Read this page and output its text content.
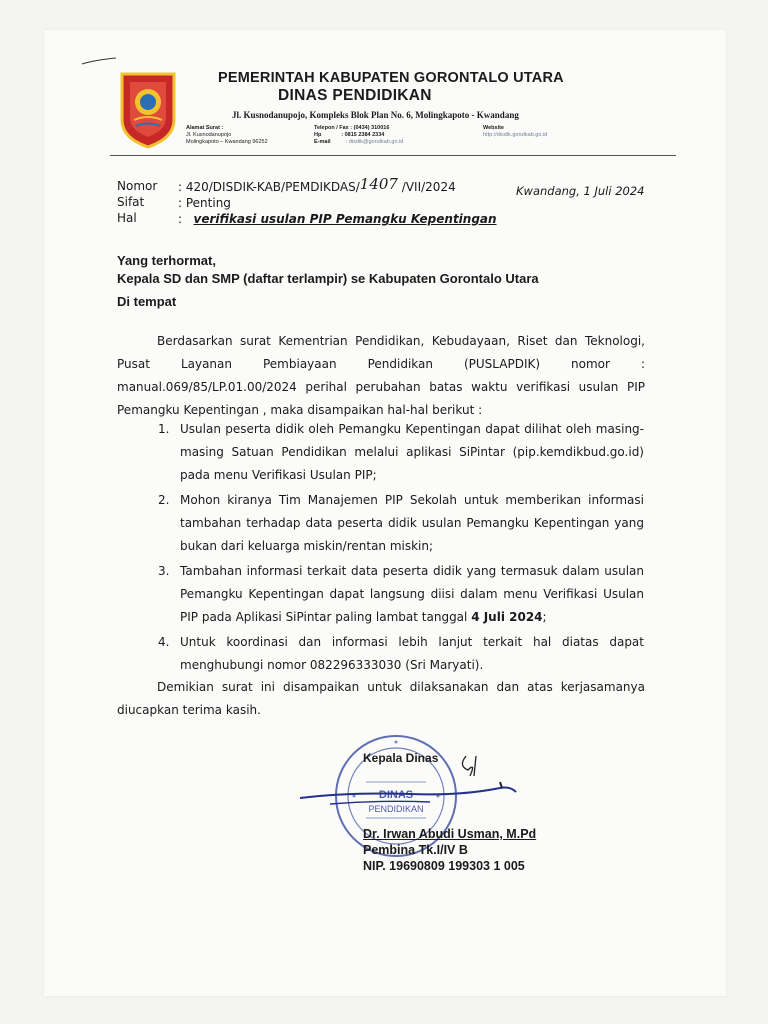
PEMERINTAH KABUPATEN GORONTALO UTARA
DINAS PENDIDIKAN
Jl. Kusnodanupojo, Kompleks Blok Plan No. 6, Molingkapoto - Kwandang
Alamat Surat :
Jl. Kusnodanupojo
Molingkapoto – Kwandang 96252
Telepon / Fax : (0434) 310016
Hp	: 0815 2384 2334
E-mail	: disdik@gorutkab.go.id
Website
http://disdik.gorutkab.go.id
Nomor
Sifat
Hal
: 420/DISDIK-KAB/PEMDIKDAS/1407 /VII/2024
: Penting
: verifikasi usulan PIP Pemangku Kepentingan
Kwandang, 1 Juli 2024
Yang terhormat,
Kepala SD dan SMP (daftar terlampir) se Kabupaten Gorontalo Utara
Di tempat

Berdasarkan surat Kementrian Pendidikan, Kebudayaan, Riset dan Teknologi, Pusat Layanan Pembiayaan Pendidikan (PUSLAPDIK) nomor : manual.069/85/LP.01.00/2024 perihal perubahan batas waktu verifikasi usulan PIP Pemangku Kepentingan , maka disampaikan hal-hal berikut :

1. Usulan peserta didik oleh Pemangku Kepentingan dapat dilihat oleh masing-masing Satuan Pendidikan melalui aplikasi SiPintar (pip.kemdikbud.go.id) pada menu Verifikasi Usulan PIP;
2. Mohon kiranya Tim Manajemen PIP Sekolah untuk memberikan informasi tambahan terhadap data peserta didik usulan Pemangku Kepentingan yang bukan dari keluarga miskin/rentan miskin;
3. Tambahan informasi terkait data peserta didik yang termasuk dalam usulan Pemangku Kepentingan dapat langsung diisi dalam menu Verifikasi Usulan PIP pada Aplikasi SiPintar paling lambat tanggal 4 Juli 2024;
4. Untuk koordinasi dan informasi lebih lanjut terkait hal diatas dapat menghubungi nomor 082296333030 (Sri Maryati).

Demikian surat ini disampaikan untuk dilaksanakan dan atas kerjasamanya diucapkan terima kasih.

DINAS
PENDIDIKAN
Kepala Dinas
Dr. Irwan Abudi Usman, M.Pd
Pembina Tk.I/IV B
NIP. 19690809 199303 1 005
